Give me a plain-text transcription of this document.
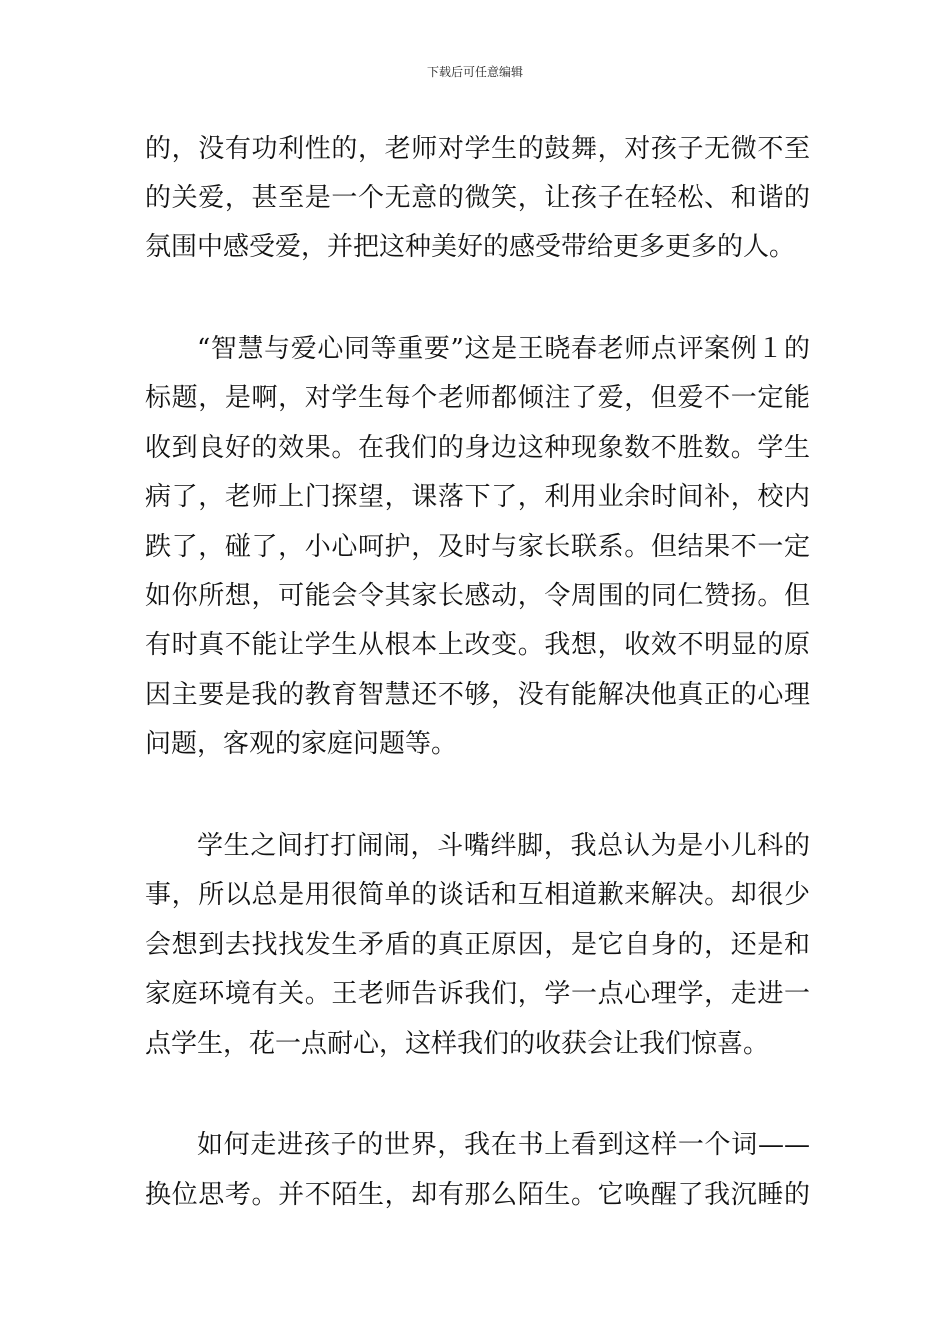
下载后可任意编辑
的，没有功利性的，老师对学生的鼓舞，对孩子无微不至
的关爱，甚至是一个无意的微笑，让孩子在轻松、和谐的
氛围中感受爱，并把这种美好的感受带给更多更多的人。
“智慧与爱心同等重要”这是王晓春老师点评案例１的
标题，是啊，对学生每个老师都倾注了爱，但爱不一定能
收到良好的效果。在我们的身边这种现象数不胜数。学生
病了，老师上门探望，课落下了，利用业余时间补，校内
跌了，碰了，小心呵护，及时与家长联系。但结果不一定
如你所想，可能会令其家长感动，令周围的同仁赞扬。但
有时真不能让学生从根本上改变。我想，收效不明显的原
因主要是我的教育智慧还不够，没有能解决他真正的心理
问题，客观的家庭问题等。
学生之间打打闹闹，斗嘴绊脚，我总认为是小儿科的
事，所以总是用很简单的谈话和互相道歉来解决。却很少
会想到去找找发生矛盾的真正原因，是它自身的，还是和
家庭环境有关。王老师告诉我们，学一点心理学，走进一
点学生，花一点耐心，这样我们的收获会让我们惊喜。
如何走进孩子的世界，我在书上看到这样一个词——
换位思考。并不陌生，却有那么陌生。它唤醒了我沉睡的
